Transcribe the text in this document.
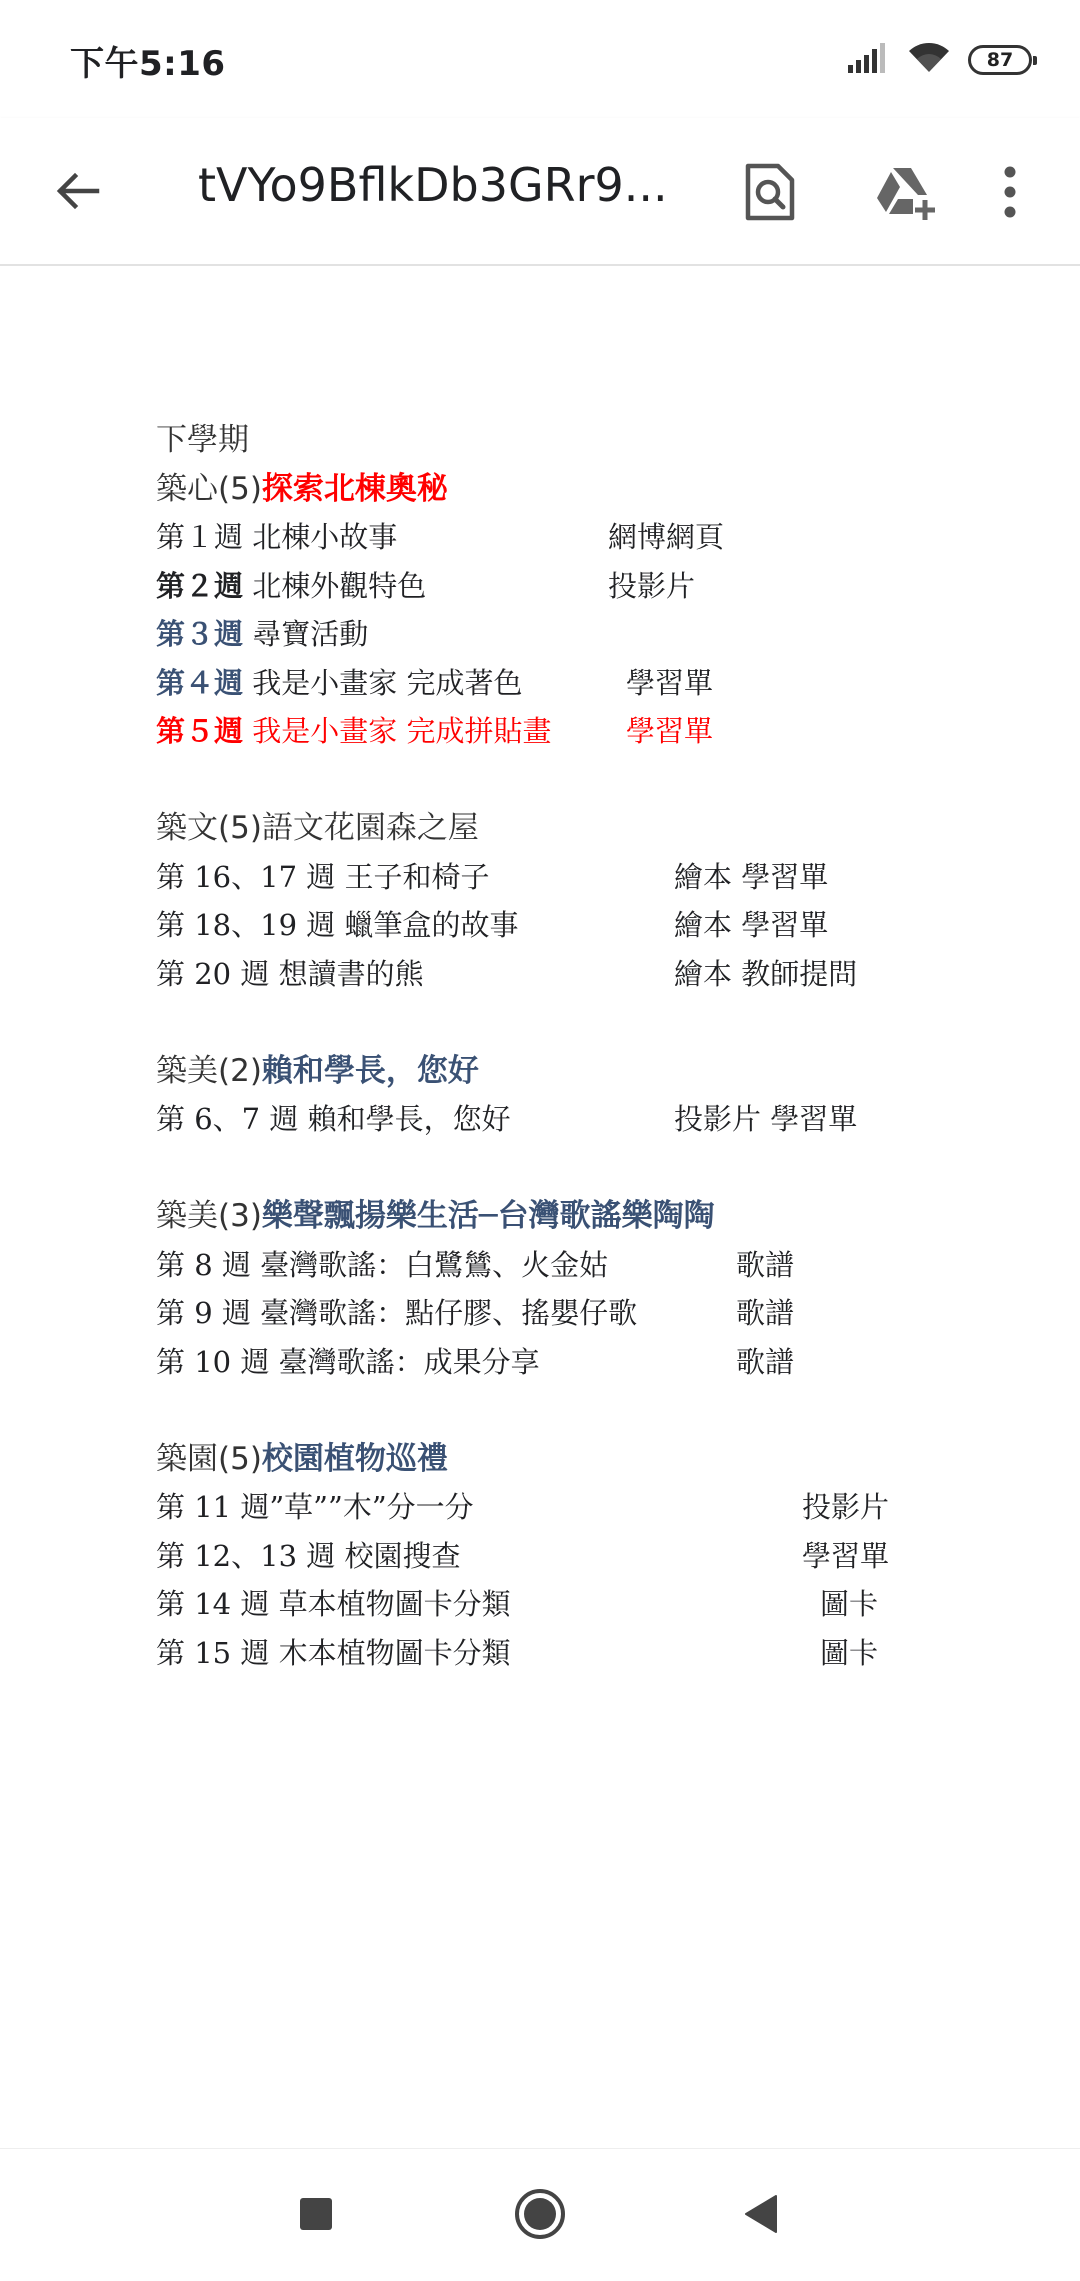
下午5:16	87
tVYo9BflkDb3GRr9...
下學期
築心(5)探索北棟奧秘
第１週 北棟小故事	網博網頁
第２週 北棟外觀特色	投影片
第３週 尋寶活動
第４週 我是小畫家 完成著色	學習單
第５週 我是小畫家 完成拼貼畫	學習單
築文(5)語文花園森之屋
第 16、17 週 王子和椅子	繪本 學習單
第 18、19 週 蠟筆盒的故事	繪本 學習單
第 20 週 想讀書的熊	繪本 教師提問
築美(2)賴和學長，您好
第 6、7 週 賴和學長，您好	投影片 學習單
築美(3)樂聲飄揚樂生活─台灣歌謠樂陶陶
第 8 週 臺灣歌謠：白鷺鷥、火金姑	歌譜
第 9 週 臺灣歌謠：點仔膠、搖嬰仔歌	歌譜
第 10 週 臺灣歌謠：成果分享	歌譜
築園(5)校園植物巡禮
第 11 週”草””木”分一分	投影片
第 12、13 週 校園搜查	學習單
第 14 週 草本植物圖卡分類	圖卡
第 15 週 木本植物圖卡分類	圖卡
